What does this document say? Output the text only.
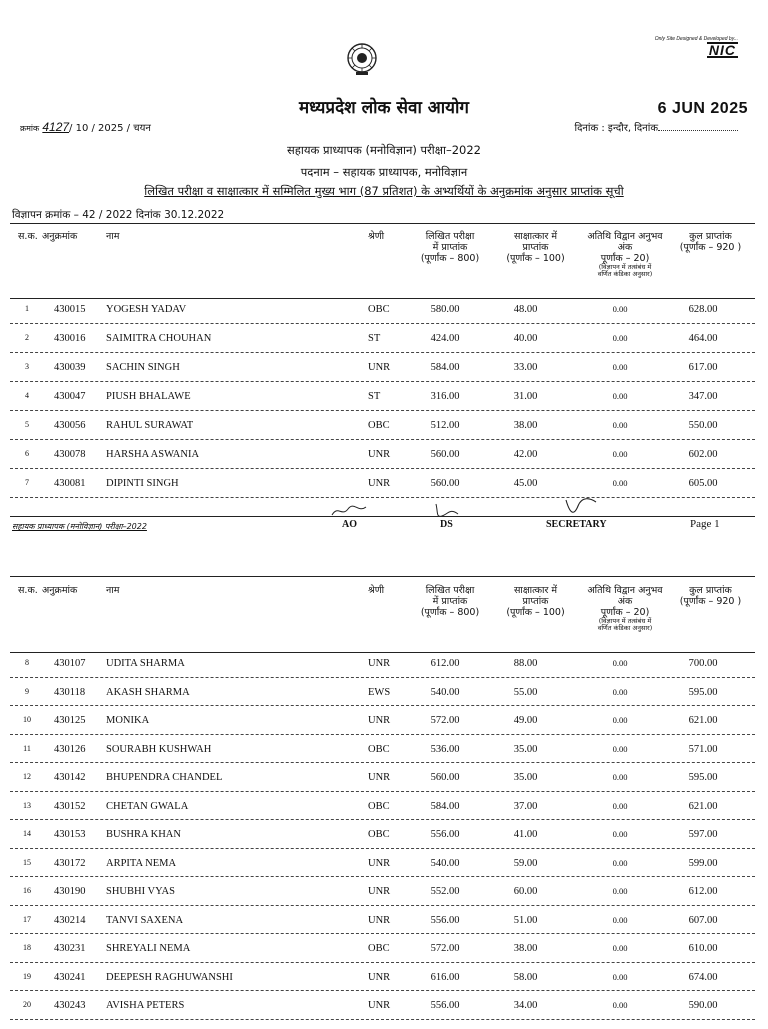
Only Site Designed & Developed by...
NIC
मध्यप्रदेश लोक सेवा आयोग	6 JUN 2025
क्रमांक 4127/ 10 / 2025 / चयन	दिनांक : इन्दौर, दिनांक
सहायक प्राध्यापक (मनोविज्ञान) परीक्षा–2022
पदनाम – सहायक प्राध्यापक, मनोविज्ञान
लिखित परीक्षा व साक्षात्कार में सम्मिलित मुख्य भाग (87 प्रतिशत) के अभ्यर्थियों के अनुक्रमांक अनुसार प्राप्तांक सूची
विज्ञापन क्रमांक – 42 / 2022 दिनांक 30.12.2022
स.क. अनुक्रमांक	नाम	श्रेणी	लिखित परीक्षा
में प्राप्तांक
(पूर्णांक – 800)
साक्षात्कार में
प्राप्तांक
(पूर्णांक – 100)
अतिथि विद्वान अनुभव
अंक
पूर्णांक – 20)
(विज्ञापन में तत्संबंध में
वर्णित कंडिका अनुसार)
कुल प्राप्तांक
(पूर्णांक – 920 )
1	430015	YOGESH YADAV	OBC	580.00	48.00	0.00	628.00
2	430016	SAIMITRA CHOUHAN	ST	424.00	40.00	0.00	464.00
3	430039	SACHIN SINGH	UNR	584.00	33.00	0.00	617.00
4	430047	PIUSH BHALAWE	ST	316.00	31.00	0.00	347.00
5	430056	RAHUL SURAWAT	OBC	512.00	38.00	0.00	550.00
6	430078	HARSHA ASWANIA	UNR	560.00	42.00	0.00	602.00
7	430081	DIPINTI SINGH	UNR	560.00	45.00	0.00	605.00
सहायक प्राध्यापक (मनोविज्ञान) परीक्षा–2022	AO	DS	SECRETARY	Page 1
स.क. अनुक्रमांक	नाम	श्रेणी	लिखित परीक्षा
में प्राप्तांक
(पूर्णांक – 800)
साक्षात्कार में
प्राप्तांक
(पूर्णांक – 100)
अतिथि विद्वान अनुभव
अंक
पूर्णांक – 20)
(विज्ञापन में तत्संबंध में
वर्णित कंडिका अनुसार)
कुल प्राप्तांक
(पूर्णांक – 920 )
8	430107	UDITA SHARMA	UNR	612.00	88.00	0.00	700.00
9	430118	AKASH SHARMA	EWS	540.00	55.00	0.00	595.00
10	430125	MONIKA	UNR	572.00	49.00	0.00	621.00
11	430126	SOURABH KUSHWAH	OBC	536.00	35.00	0.00	571.00
12	430142	BHUPENDRA CHANDEL	UNR	560.00	35.00	0.00	595.00
13	430152	CHETAN GWALA	OBC	584.00	37.00	0.00	621.00
14	430153	BUSHRA KHAN	OBC	556.00	41.00	0.00	597.00
15	430172	ARPITA NEMA	UNR	540.00	59.00	0.00	599.00
16	430190	SHUBHI VYAS	UNR	552.00	60.00	0.00	612.00
17	430214	TANVI SAXENA	UNR	556.00	51.00	0.00	607.00
18	430231	SHREYALI NEMA	OBC	572.00	38.00	0.00	610.00
19	430241	DEEPESH RAGHUWANSHI	UNR	616.00	58.00	0.00	674.00
20	430243	AVISHA PETERS	UNR	556.00	34.00	0.00	590.00
